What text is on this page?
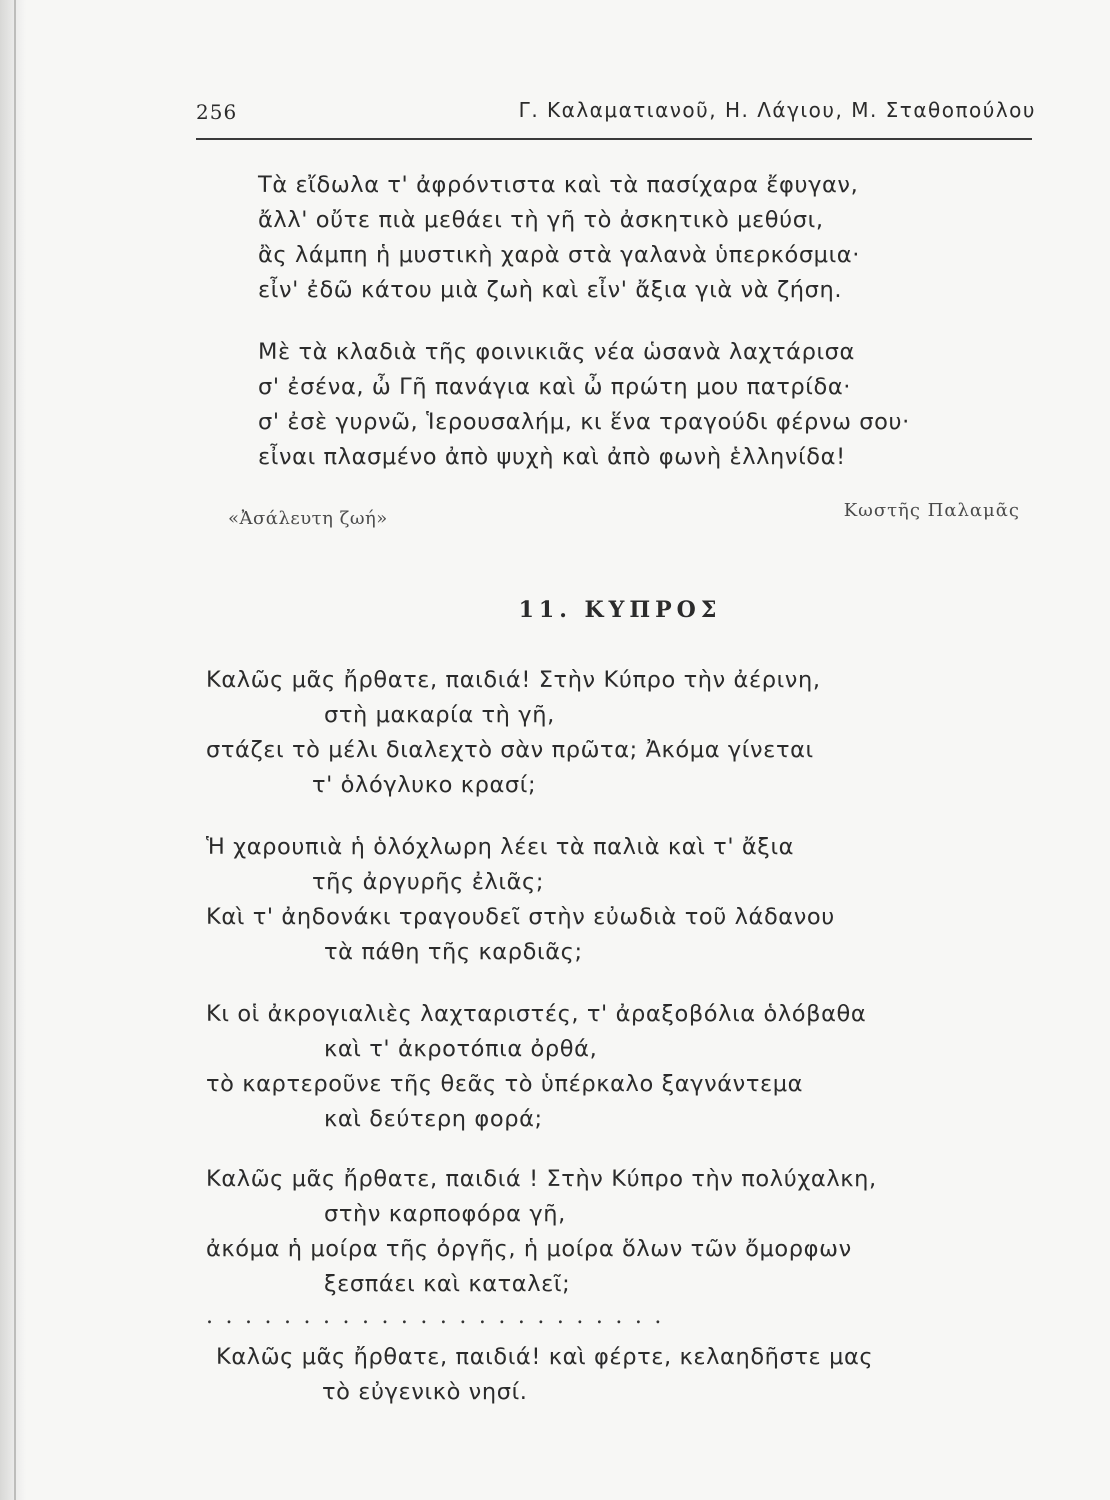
256	Γ. Καλαματιανοῦ, Η. Λάγιου, Μ. Σταθοπούλου
Τὰ εἴδωλα τ' ἀφρόντιστα καὶ τὰ πασίχαρα ἔφυγαν,
ἄλλ' οὔτε πιὰ μεθάει τὴ γῆ τὸ ἀσκητικὸ μεθύσι,
ἂς λάμπη ἡ μυστικὴ χαρὰ στὰ γαλανὰ ὑπερκόσμια·
εἶν' ἐδῶ κάτου μιὰ ζωὴ καὶ εἶν' ἄξια γιὰ νὰ ζήση.
Μὲ τὰ κλαδιὰ τῆς φοινικιᾶς νέα ὡσανὰ λαχτάρισα
σ' ἐσένα, ὦ Γῆ πανάγια καὶ ὦ πρώτη μου πατρίδα·
σ' ἐσὲ γυρνῶ, Ἱερουσαλήμ, κι ἕνα τραγούδι φέρνω σου·
εἶναι πλασμένο ἀπὸ ψυχὴ καὶ ἀπὸ φωνὴ ἑλληνίδα!
«Ἀσάλευτη ζωή»	Κωστῆς Παλαμᾶς
11. ΚΥΠΡΟΣ
Καλῶς μᾶς ἤρθατε, παιδιά! Στὴν Κύπρο τὴν ἀέρινη,
στὴ μακαρία τὴ γῆ,
στάζει τὸ μέλι διαλεχτὸ σὰν πρῶτα; Ἀκόμα γίνεται
τ' ὁλόγλυκο κρασί;
Ἡ χαρουπιὰ ἡ ὁλόχλωρη λέει τὰ παλιὰ καὶ τ' ἄξια
τῆς ἀργυρῆς ἐλιᾶς;
Καὶ τ' ἀηδονάκι τραγουδεῖ στὴν εὐωδιὰ τοῦ λάδανου
τὰ πάθη τῆς καρδιᾶς;
Κι οἱ ἀκρογιαλιὲς λαχταριστές, τ' ἀραξοβόλια ὁλόβαθα
καὶ τ' ἀκροτόπια ὀρθά,
τὸ καρτεροῦνε τῆς θεᾶς τὸ ὑπέρκαλο ξαγνάντεμα
καὶ δεύτερη φορά;
Καλῶς μᾶς ἤρθατε, παιδιά ! Στὴν Κύπρο τὴν πολύχαλκη,
στὴν καρποφόρα γῆ,
ἀκόμα ἡ μοίρα τῆς ὀργῆς, ἡ μοίρα ὅλων τῶν ὄμορφων
ξεσπάει καὶ καταλεῖ;
........................
Καλῶς μᾶς ἤρθατε, παιδιά! καὶ φέρτε, κελαηδῆστε μας
τὸ εὐγενικὸ νησί.
